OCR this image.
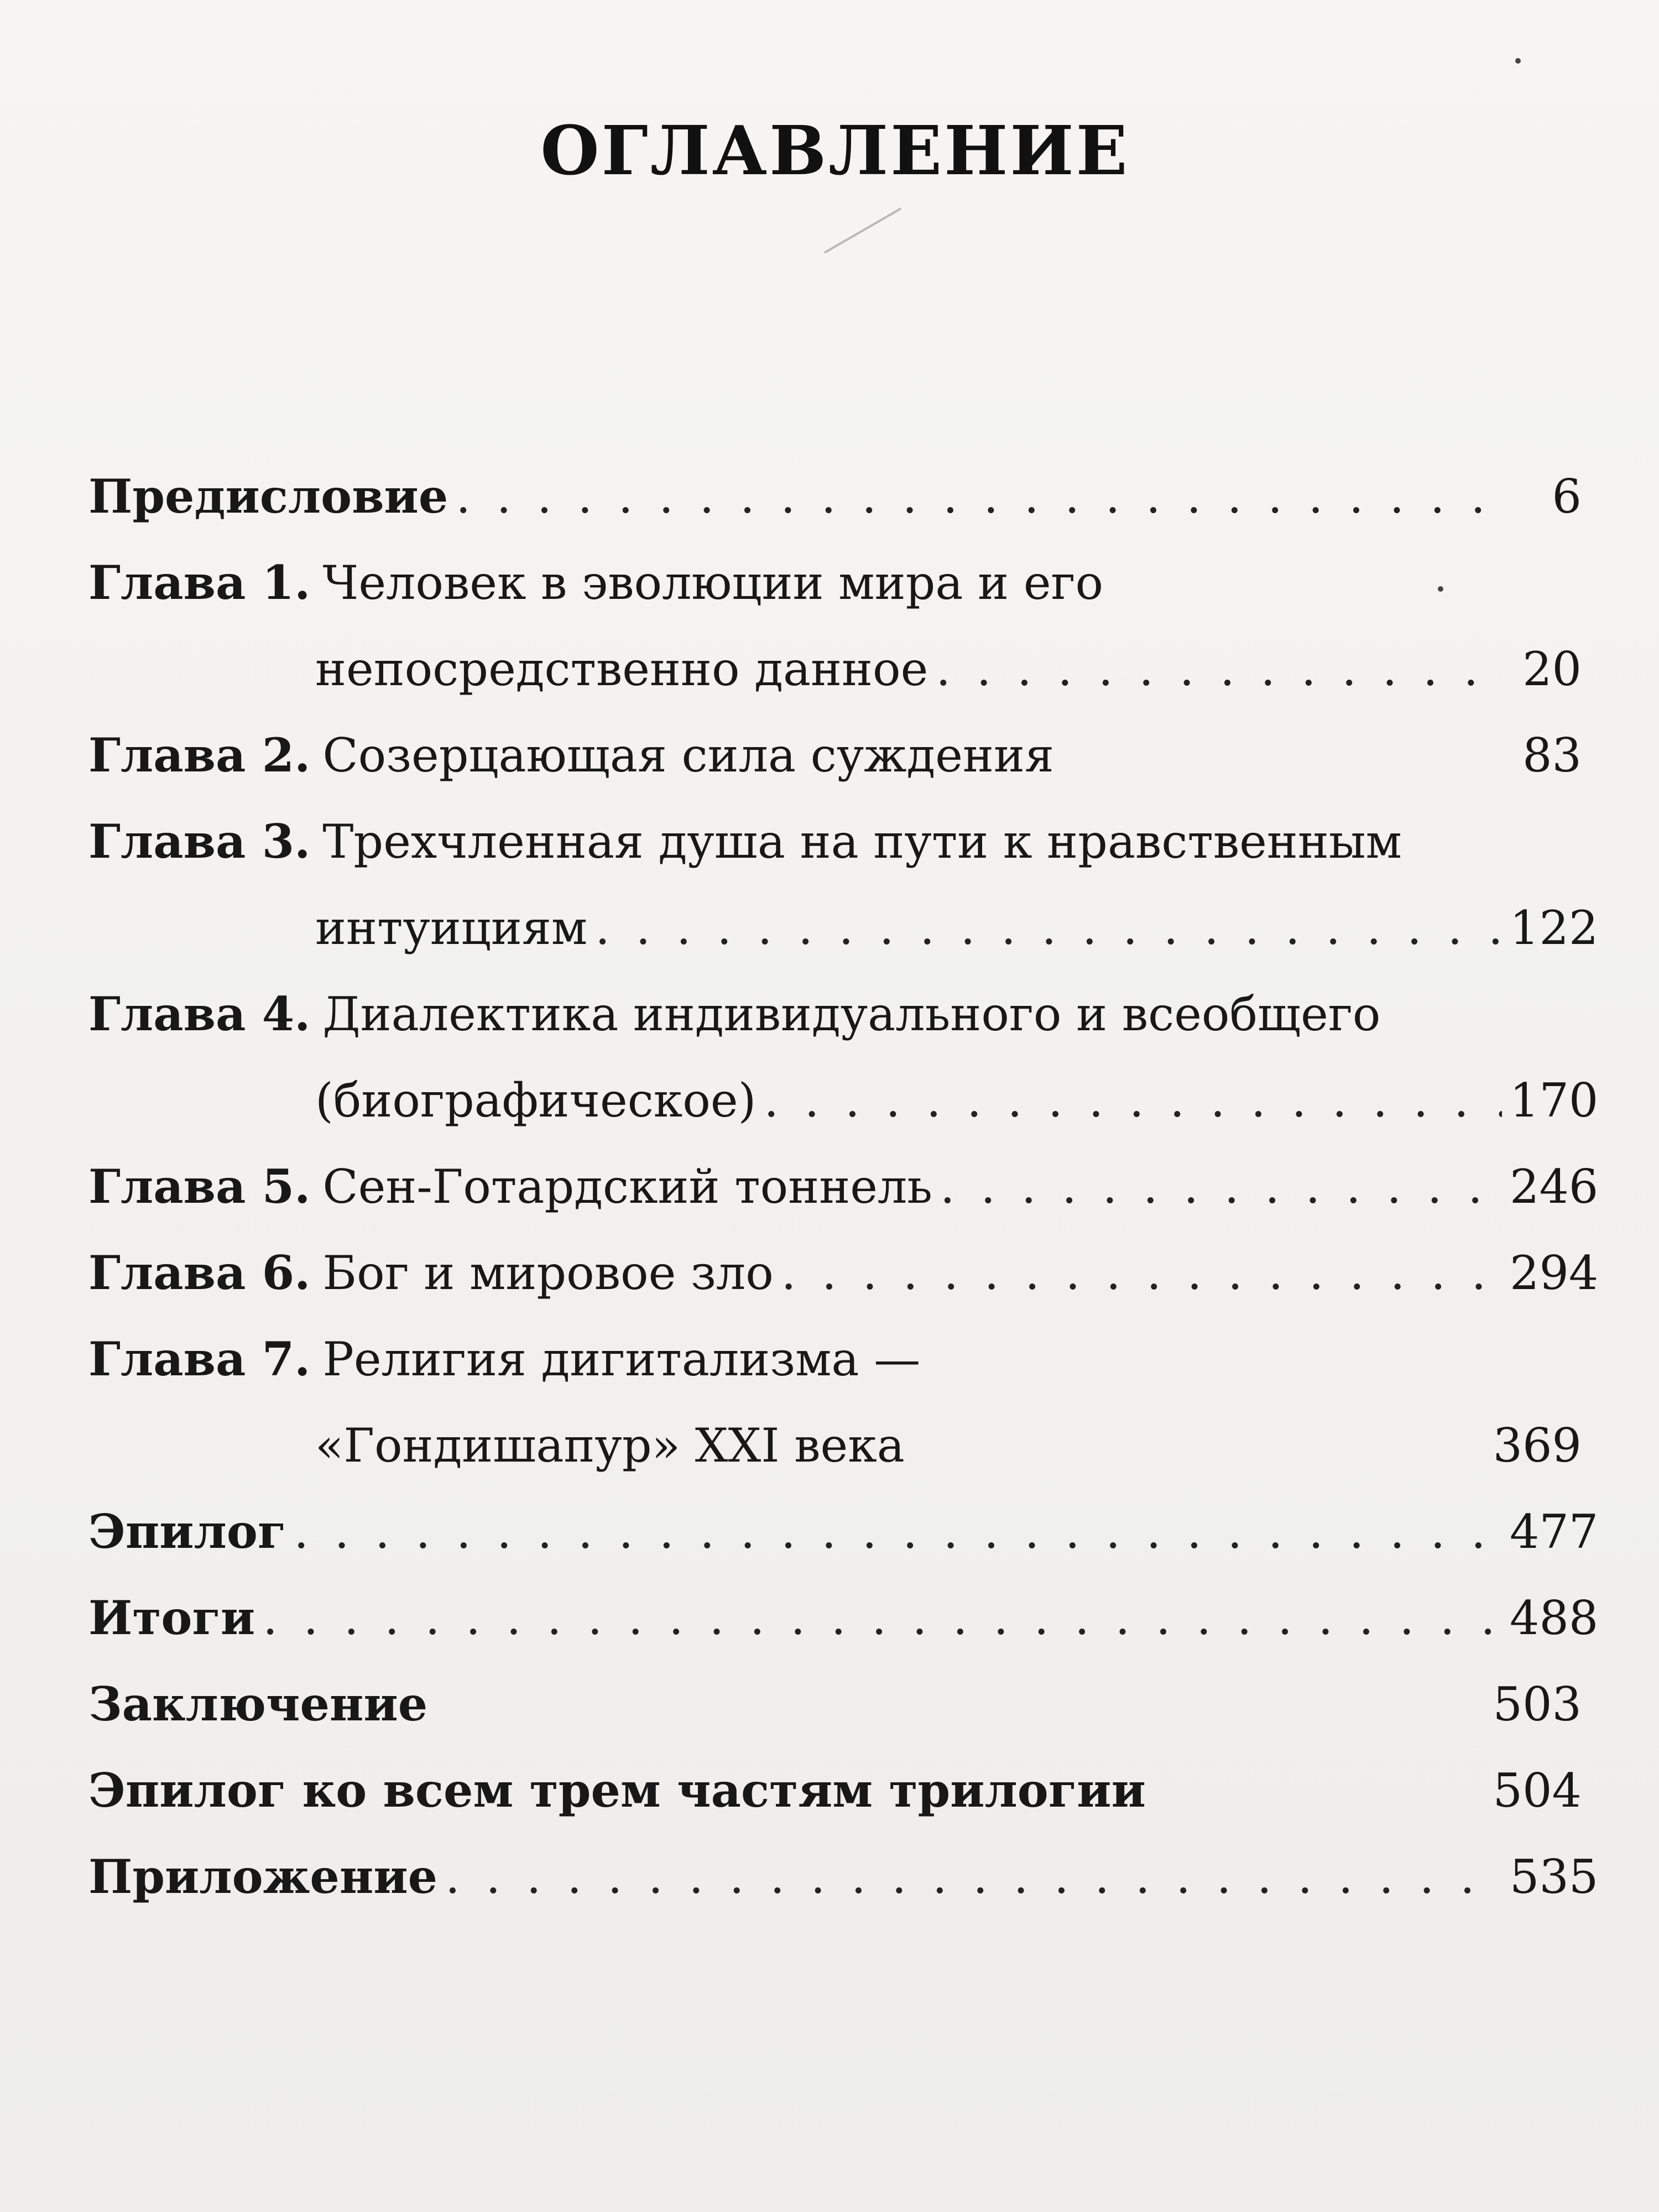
ОГЛАВЛЕНИЕ
Предисловие . . .	6
Глава 1. Человек в эволюции мира и его
непосредственно данное . . .	20
Глава 2. Созерцающая сила суждения	83
Глава 3. Трехчленная душа на пути к нравственным
интуициям . . .	122
Глава 4. Диалектика индивидуального и всеобщего
(биографическое) . . .	170
Глава 5. Сен-Готардский тоннель . . .	246
Глава 6. Бог и мировое зло . . .	294
Глава 7. Религия дигитализма —
«Гондишапур» XXI века	369
Эпилог . . .	477
Итоги . . .	488
Заключение	503
Эпилог ко всем трем частям трилогии	504
Приложение . . .	535
